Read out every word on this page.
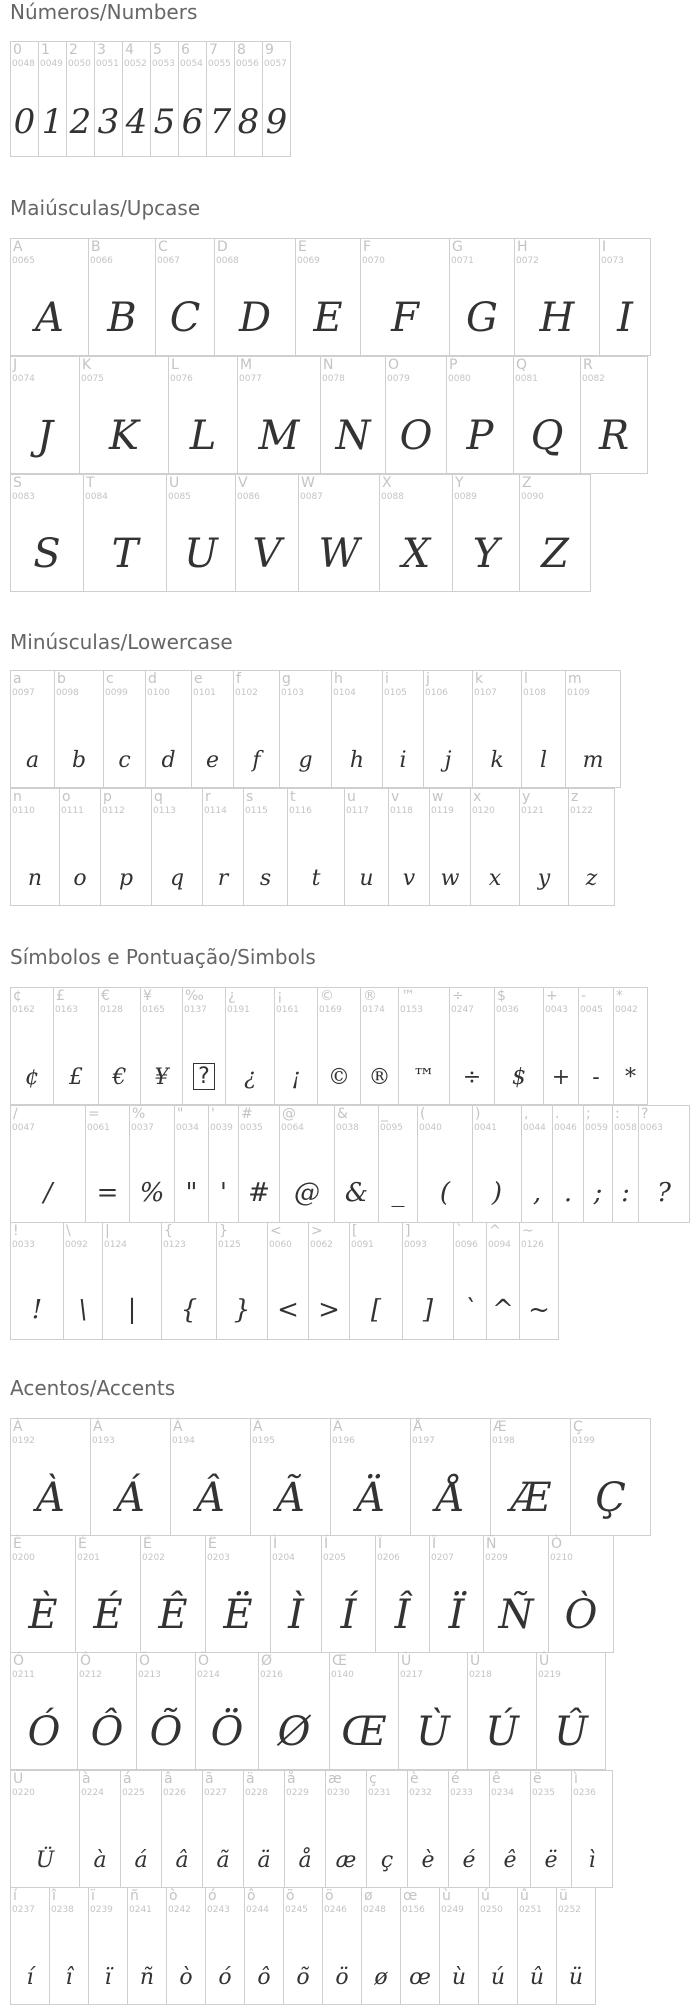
Números/Numbers
0
0048
0
1
0049
1
2
0050
2
3
0051
3
4
0052
4
5
0053
5
6
0054
6
7
0055
7
8
0056
8
9
0057
9
Maiúsculas/Upcase
A
0065
A
B
0066
B
C
0067
C
D
0068
D
E
0069
E
F
0070
F
G
0071
G
H
0072
H
I
0073
I
J
0074
J
K
0075
K
L
0076
L
M
0077
M
N
0078
N
O
0079
O
P
0080
P
Q
0081
Q
R
0082
R
S
0083
S
T
0084
T
U
0085
U
V
0086
V
W
0087
W
X
0088
X
Y
0089
Y
Z
0090
Z
Minúsculas/Lowercase
a
0097
a
b
0098
b
c
0099
c
d
0100
d
e
0101
e
f
0102
f
g
0103
g
h
0104
h
i
0105
i
j
0106
j
k
0107
k
l
0108
l
m
0109
m
n
0110
n
o
0111
o
p
0112
p
q
0113
q
r
0114
r
s
0115
s
t
0116
t
u
0117
u
v
0118
v
w
0119
w
x
0120
x
y
0121
y
z
0122
z
Símbolos e Pontuação/Simbols
¢
0162
¢
£
0163
£
€
0128
€
¥
0165
¥
‰
0137
?
¿
0191
¿
¡
0161
¡
©
0169
©
®
0174
®
™
0153
™
÷
0247
÷
$
0036
$
+
0043
+
-
0045
-
*
0042
*
/
0047
/
=
0061
=
%
0037
%
"
0034
"
'
0039
'
#
0035
#
@
0064
@
&
0038
&
_
0095
_
(
0040
(
)
0041
)
,
0044
,
.
0046
.
;
0059
;
:
0058
:
?
0063
?
!
0033
!
\
0092
\
|
0124
|
{
0123
{
}
0125
}
<
0060
<
>
0062
>
[
0091
[
]
0093
]
`
0096
`
^
0094
^
~
0126
~
Acentos/Accents
À
0192
À
Á
0193
Á
Â
0194
Â
Ã
0195
Ã
Ä
0196
Ä
Å
0197
Å
Æ
0198
Æ
Ç
0199
Ç
È
0200
È
É
0201
É
Ê
0202
Ê
Ë
0203
Ë
Ì
0204
Ì
Í
0205
Í
Î
0206
Î
Ï
0207
Ï
Ñ
0209
Ñ
Ò
0210
Ò
Ó
0211
Ó
Ô
0212
Ô
Õ
0213
Õ
Ö
0214
Ö
Ø
0216
Ø
Œ
0140
Œ
Ù
0217
Ù
Ú
0218
Ú
Û
0219
Û
Ü
0220
Ü
à
0224
à
á
0225
á
â
0226
â
ã
0227
ã
ä
0228
ä
å
0229
å
æ
0230
æ
ç
0231
ç
è
0232
è
é
0233
é
ê
0234
ê
ë
0235
ë
ì
0236
ì
í
0237
í
î
0238
î
ï
0239
ï
ñ
0241
ñ
ò
0242
ò
ó
0243
ó
ô
0244
ô
õ
0245
õ
ö
0246
ö
ø
0248
ø
œ
0156
œ
ù
0249
ù
ú
0250
ú
û
0251
û
ü
0252
ü
